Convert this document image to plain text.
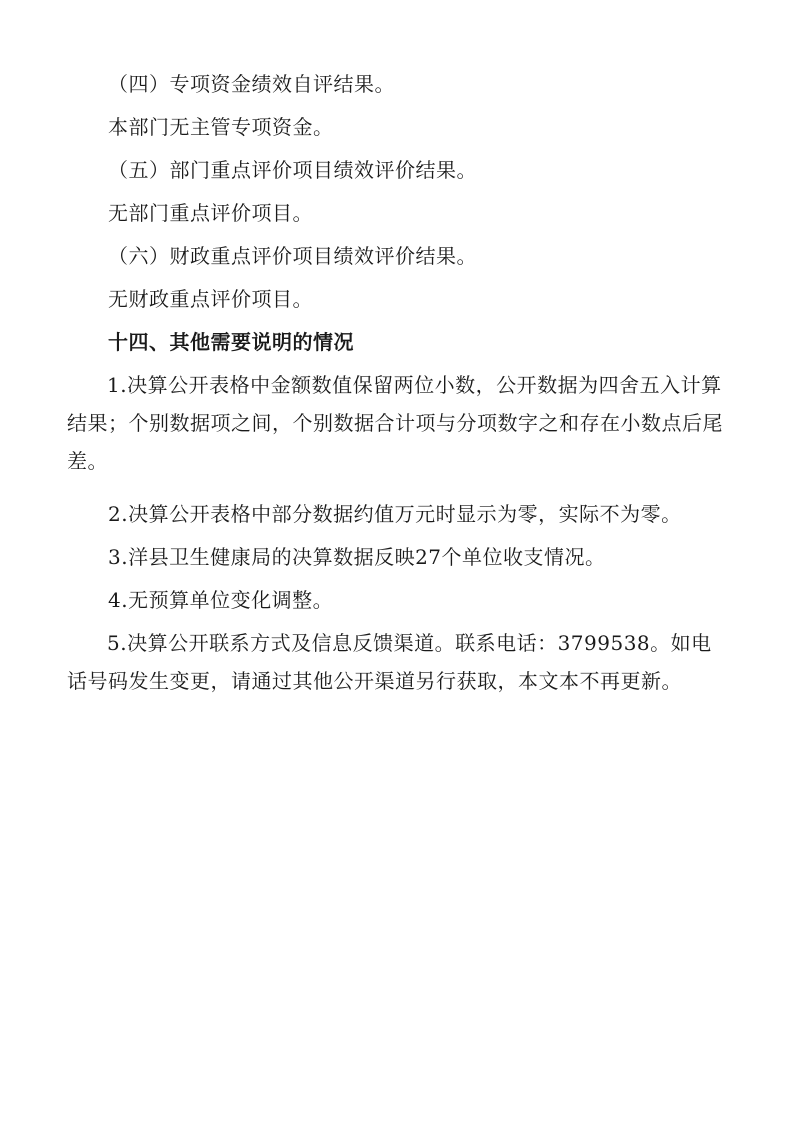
（四）专项资金绩效自评结果。
本部门无主管专项资金。
（五）部门重点评价项目绩效评价结果。
无部门重点评价项目。
（六）财政重点评价项目绩效评价结果。
无财政重点评价项目。
十四、其他需要说明的情况
1.决算公开表格中金额数值保留两位小数，公开数据为四舍五入计算结果；个别数据项之间，个别数据合计项与分项数字之和存在小数点后尾差。
2.决算公开表格中部分数据约值万元时显示为零，实际不为零。
3.洋县卫生健康局的决算数据反映27个单位收支情况。
4.无预算单位变化调整。
5.决算公开联系方式及信息反馈渠道。联系电话：3799538。如电话号码发生变更，请通过其他公开渠道另行获取，本文本不再更新。
